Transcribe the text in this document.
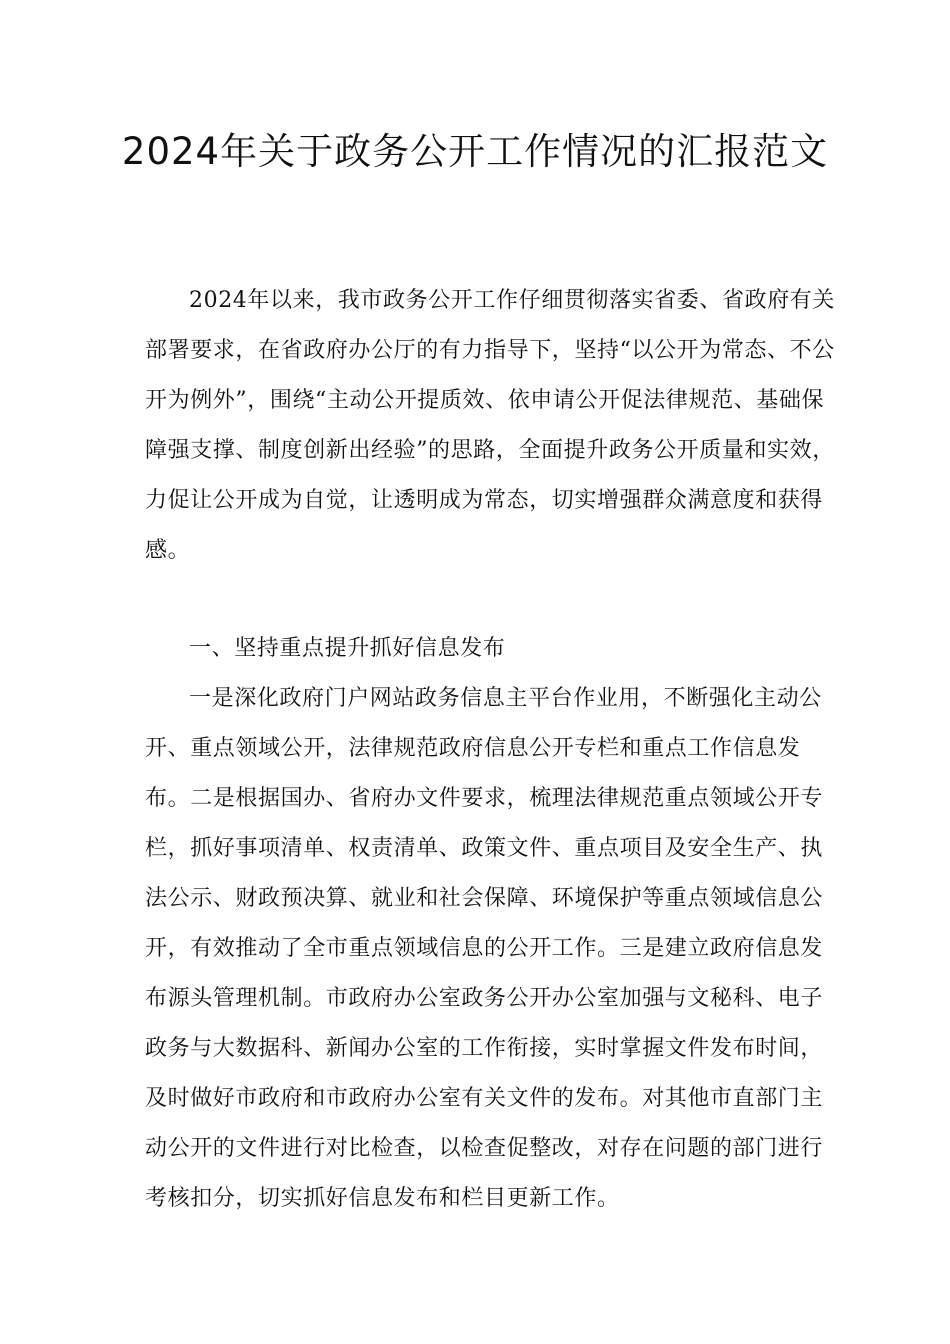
2024年关于政务公开工作情况的汇报范文

2024年以来，我市政务公开工作仔细贯彻落实省委、省政府有关部署要求，在省政府办公厅的有力指导下，坚持“以公开为常态、不公开为例外”，围绕“主动公开提质效、依申请公开促法律规范、基础保障强支撑、制度创新出经验”的思路，全面提升政务公开质量和实效，力促让公开成为自觉，让透明成为常态，切实增强群众满意度和获得感。

一、坚持重点提升抓好信息发布

一是深化政府门户网站政务信息主平台作业用，不断强化主动公开、重点领域公开，法律规范政府信息公开专栏和重点工作信息发布。二是根据国办、省府办文件要求，梳理法律规范重点领域公开专栏，抓好事项清单、权责清单、政策文件、重点项目及安全生产、执法公示、财政预决算、就业和社会保障、环境保护等重点领域信息公开，有效推动了全市重点领域信息的公开工作。三是建立政府信息发布源头管理机制。市政府办公室政务公开办公室加强与文秘科、电子政务与大数据科、新闻办公室的工作衔接，实时掌握文件发布时间，及时做好市政府和市政府办公室有关文件的发布。对其他市直部门主动公开的文件进行对比检查，以检查促整改，对存在问题的部门进行考核扣分，切实抓好信息发布和栏目更新工作。
